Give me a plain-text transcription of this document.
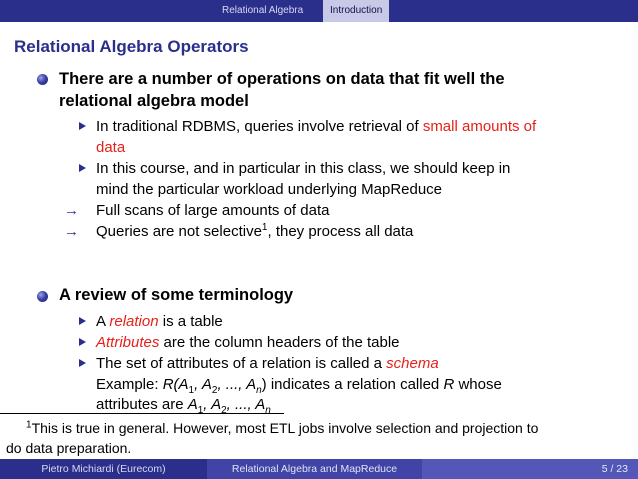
Relational Algebra	Introduction
Relational Algebra Operators
There are a number of operations on data that fit well the
relational algebra model
In traditional RDBMS, queries involve retrieval of small amounts of
data
In this course, and in particular in this class, we should keep in
mind the particular workload underlying MapReduce
→ Full scans of large amounts of data
→ Queries are not selective$^1$, they process all data
A review of some terminology
A relation is a table
Attributes are the column headers of the table
The set of attributes of a relation is called a schema
Example: $R(A_1$, $A_2$, ..., $A_n$) indicates a relation called R whose
attributes are $A_1$, $A_2$, ..., $A_n$
$^1$This is true in general. However, most ETL jobs involve selection and projection to
do data preparation.
Pietro Michiardi (Eurecom)	Relational Algebra and MapReduce	5 / 23
